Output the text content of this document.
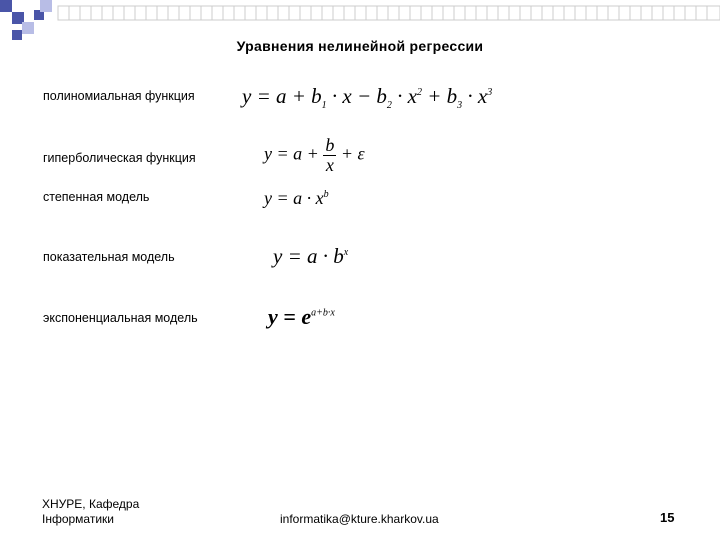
Уравнения нелинейной регрессии
полиномиальная функция $y = a + b_1 \cdot x - b_2 \cdot x^2 + b_3 \cdot x^3$
гиперболическая функция	$y = a + \frac{b}{x} + \varepsilon$
степенная модель	$y = a \cdot x^b$
показательная модель	$y = a \cdot b^x$
экспоненциальная модель	$y = e^{a+b\cdot x}$
ХНУРЕ, Кафедра
Інформатики	informatika@kture.kharkov.ua	15
